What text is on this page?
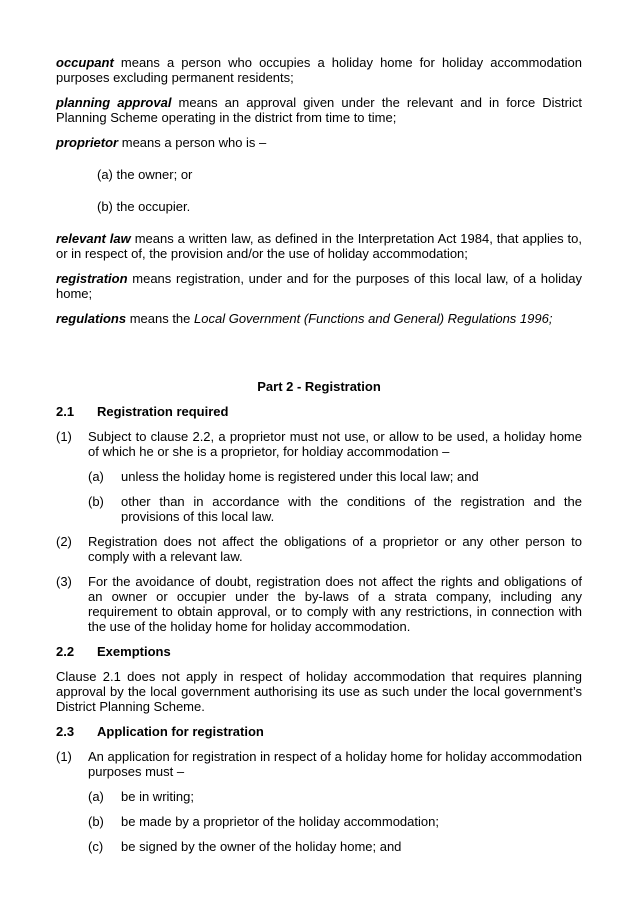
occupant means a person who occupies a holiday home for holiday accommodation purposes excluding permanent residents;

planning approval means an approval given under the relevant and in force District Planning Scheme operating in the district from time to time;

proprietor means a person who is –

(a) the owner; or

(b) the occupier.

relevant law means a written law, as defined in the Interpretation Act 1984, that applies to, or in respect of, the provision and/or the use of holiday accommodation;

registration means registration, under and for the purposes of this local law, of a holiday home;

regulations means the Local Government (Functions and General) Regulations 1996;

Part 2 - Registration

2.1	Registration required
(1)	Subject to clause 2.2, a proprietor must not use, or allow to be used, a holiday home of which he or she is a proprietor, for holdiay accommodation –
(a)	unless the holiday home is registered under this local law; and
(b)	other than in accordance with the conditions of the registration and the provisions of this local law.
(2)	Registration does not affect the obligations of a proprietor or any other person to comply with a relevant law.
(3)	For the avoidance of doubt, registration does not affect the rights and obligations of an owner or occupier under the by-laws of a strata company, including any requirement to obtain approval, or to comply with any restrictions, in connection with the use of the holiday home for holiday accommodation.
2.2	Exemptions

Clause 2.1 does not apply in respect of holiday accommodation that requires planning approval by the local government authorising its use as such under the local government’s District Planning Scheme.

2.3	Application for registration
(1)	An application for registration in respect of a holiday home for holiday accommodation purposes must –
(a)	be in writing;
(b)	be made by a proprietor of the holiday accommodation;
(c)	be signed by the owner of the holiday home; and
